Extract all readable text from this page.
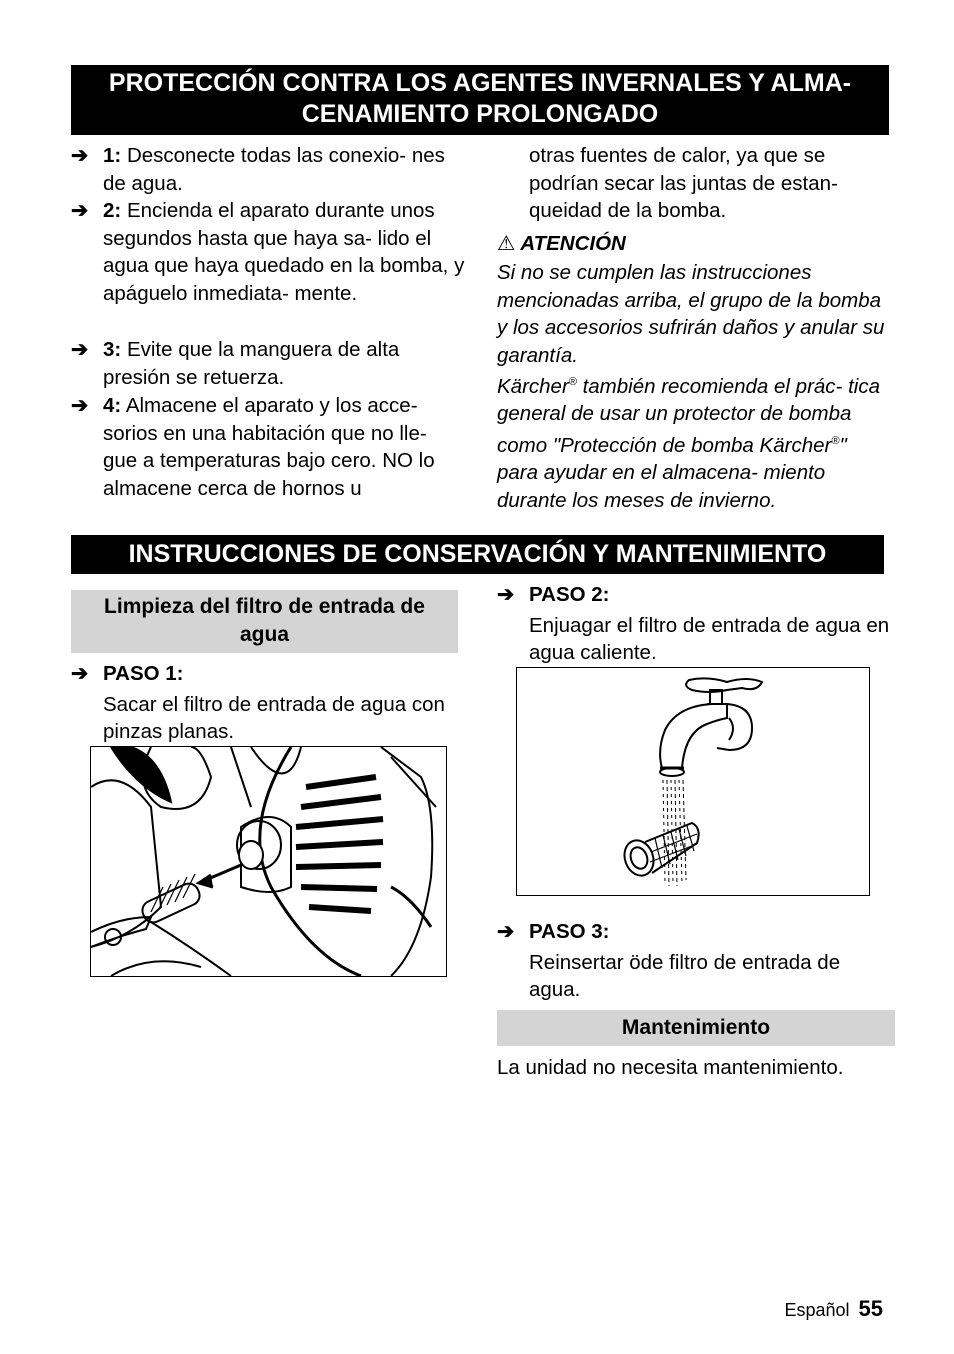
PROTECCIÓN CONTRA LOS AGENTES INVERNALES Y ALMA-
CENAMIENTO PROLONGADO
➔ 1: Desconecte todas las conexio- nes de agua.
➔ 2: Encienda el aparato durante unos segundos hasta que haya sa- lido el agua que haya quedado en la bomba, y apáguelo inmediata- mente.
➔ 3: Evite que la manguera de alta presión se retuerza.
➔ 4: Almacene el aparato y los acce- sorios en una habitación que no lle- gue a temperaturas bajo cero. NO lo almacene cerca de hornos u
otras fuentes de calor, ya que se podrían secar las juntas de estan- queidad de la bomba.
⚠ ATENCIÓN
Si no se cumplen las instrucciones mencionadas arriba, el grupo de la bomba y los accesorios sufrirán daños y anular su garantía.
Kärcher® también recomienda el prác- tica general de usar un protector de bomba como "Protección de bomba Kärcher®" para ayudar en el almacena- miento durante los meses de invierno.
INSTRUCCIONES DE CONSERVACIÓN Y MANTENIMIENTO
Limpieza del filtro de entrada de agua
➔ PASO 1:
Sacar el filtro de entrada de agua con pinzas planas.
➔ PASO 2:
Enjuagar el filtro de entrada de agua en agua caliente.
➔ PASO 3:
Reinsertar öde filtro de entrada de agua.
Mantenimiento
La unidad no necesita mantenimiento.
Español 55
